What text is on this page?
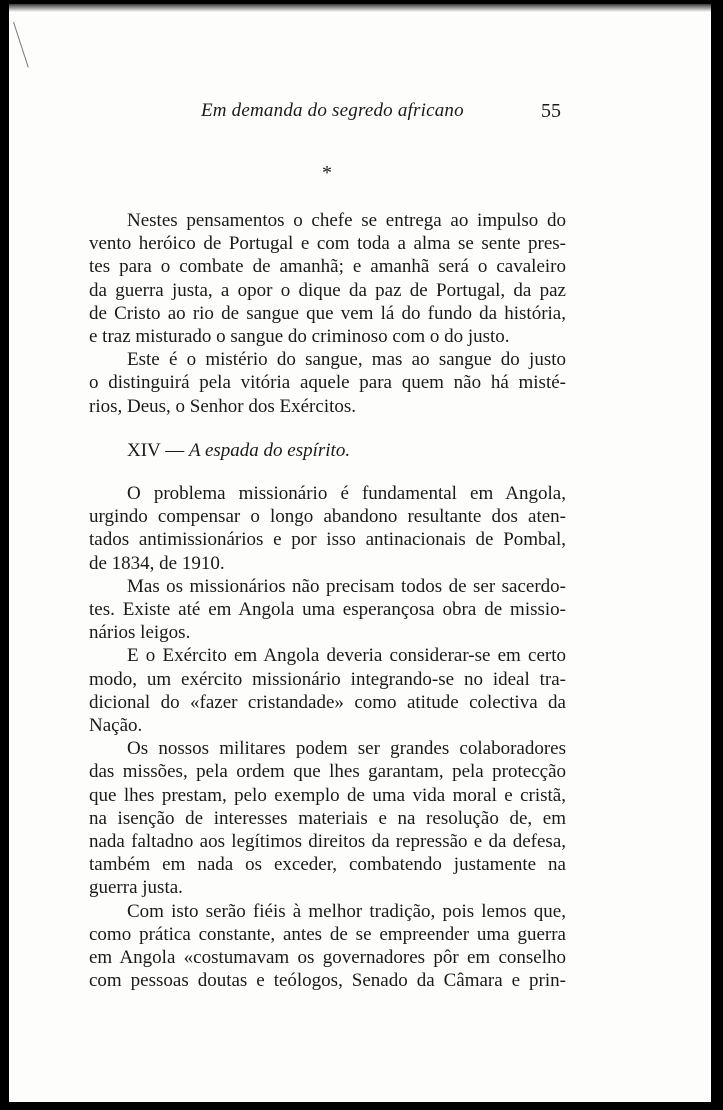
Em demanda do segredo africano	55
*

Nestes pensamentos o chefe se entrega ao impulso do

vento heróico de Portugal e com toda a alma se sente pres-
tes para o combate de amanhã; e amanhã será o cavaleiro
da guerra justa, a opor o dique da paz de Portugal, da paz
de Cristo ao rio de sangue que vem lá do fundo da história,
e traz misturado o sangue do criminoso com o do justo.

Este é o mistério do sangue, mas ao sangue do justo

o distinguirá pela vitória aquele para quem não há misté-
rios, Deus, o Senhor dos Exércitos.

XIV — A espada do espírito.

O problema missionário é fundamental em Angola,

urgindo compensar o longo abandono resultante dos aten-
tados antimissionários e por isso antinacionais de Pombal,
de 1834, de 1910.

Mas os missionários não precisam todos de ser sacerdo-

tes. Existe até em Angola uma esperançosa obra de missio-
nários leigos.

E o Exército em Angola deveria considerar-se em certo

modo, um exército missionário integrando-se no ideal tra-
dicional do «fazer cristandade» como atitude colectiva da
Nação.

Os nossos militares podem ser grandes colaboradores

das missões, pela ordem que lhes garantam, pela protecção
que lhes prestam, pelo exemplo de uma vida moral e cristã,
na isenção de interesses materiais e na resolução de, em
nada faltadno aos legítimos direitos da repressão e da defesa,
também em nada os exceder, combatendo justamente na
guerra justa.

Com isto serão fiéis à melhor tradição, pois lemos que,

como prática constante, antes de se empreender uma guerra
em Angola «costumavam os governadores pôr em conselho
com pessoas doutas e teólogos, Senado da Câmara e prin-
